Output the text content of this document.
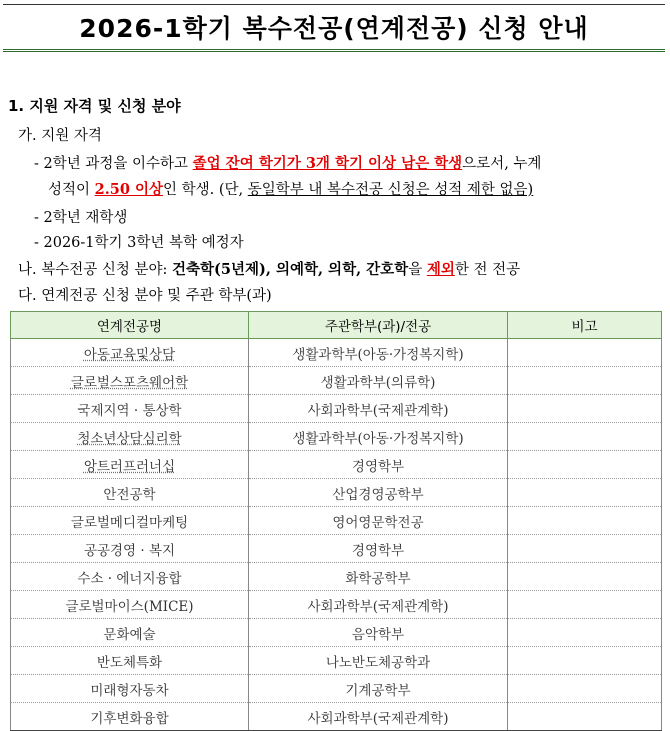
2026-1학기 복수전공(연계전공) 신청 안내
1. 지원 자격 및 신청 분야
가. 지원 자격
- 2학년 과정을 이수하고 졸업 잔여 학기가 3개 학기 이상 남은 학생으로서, 누계
성적이 2.50 이상인 학생. (단, 동일학부 내 복수전공 신청은 성적 제한 없음)
- 2학년 재학생
- 2026-1학기 3학년 복학 예정자
나. 복수전공 신청 분야: 건축학(5년제), 의예학, 의학, 간호학을 제외한 전 전공
다. 연계전공 신청 분야 및 주관 학부(과)
연계전공명	주관학부(과)/전공	비고
아동교육및상담	생활과학부(아동·가정복지학)	
글로벌스포츠웨어학	생활과학부(의류학)	
국제지역 · 통상학	사회과학부(국제관계학)	
청소년상담심리학	생활과학부(아동·가정복지학)	
앙트러프러너십	경영학부	
안전공학	산업경영공학부	
글로벌메디컬마케팅	영어영문학전공	
공공경영 · 복지	경영학부	
수소 · 에너지융합	화학공학부	
글로벌마이스(MICE)	사회과학부(국제관계학)	
문화예술	음악학부	
반도체특화	나노반도체공학과	
미래형자동차	기계공학부	
기후변화융합	사회과학부(국제관계학)	
